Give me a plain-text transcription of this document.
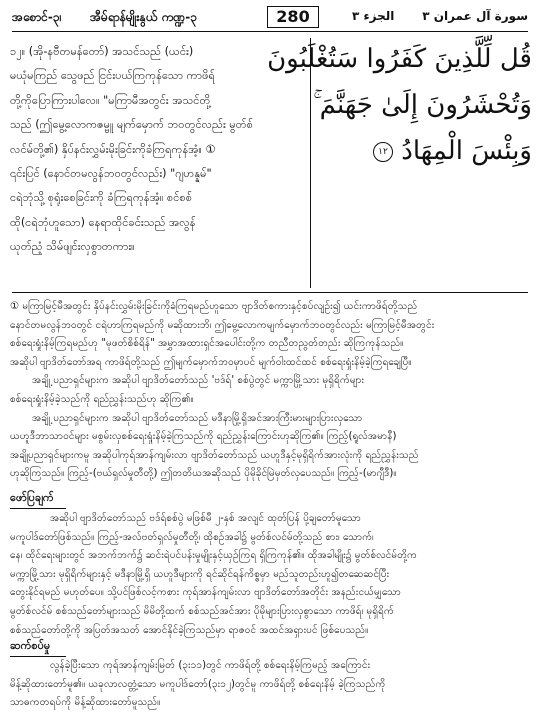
အစောင်-၃၊ အီမ်ရာန်မျိုးနွယ် ကဏ္ဍ-၃	280	الجزء ٣ سورة آل عمران ٣
၁၂။ (အို-နဗီတမန်တော်) အသင်သည် (ယင်း)
မယုံမကြည် သွေဖည် ငြင်းပယ်ကြကုန်သော ကာဖိရ်
တို့ကိုပြောကြားပါလေ။ "မကြာမီအတွင်း အသင်တို့
သည် (ဤမွေ့လောကဇမ္ဗူ မျက်မှောက် ဘဝတွင်လည်း မွတ်စ်
လင်မ်တို့၏) နှိပ်နင်းလွှမ်းမိုးခြင်းကိုခံကြရကုန်အံ့။ ①
၎င်းပြင် (နောင်တမလွန်ဘဝတွင်လည်း) "ဂျဟန္နမ်"
ငရဲဘုံသို့ စုရုံးစေခြင်းကို ခံကြရကုန်အံ့။ စင်စစ်
ထို(ငရဲဘုံဟူသော) နေရာထိုင်ခင်းသည် အလွန်
ယုတ်ညံ့ သိမ်ဖျင်းလှစွာတကား။
قُل لِّلَّذِينَ كَفَرُوا سَتُغْلَبُونَ
وَتُحْشَرُونَ إِلَىٰ جَهَنَّمَ ۚ
وَبِئْسَ الْمِهَادُ ١٢
① မကြာမြင့်မီအတွင်း နှိပ်နင်းလွှမ်းမိုးခြင်းကိုခံကြရမည်ဟူသော ဗျာဒိတ်စကားနှင့်စပ်လျဉ်း၍ ယင်းကာဖိရ်တို့သည်
နောင်တမလွန်ဘဝတွင် ငရဲဟာကြရမည်ကို မဆိုထားဘိ၊ ဤမွေ့လောကမျက်မှောက်ဘဝတွင်လည်း မကြာမြင့်မီအတွင်း
စစ်ရေးရှုံးနိမ့်ကြရမည်ဟု "မုဖတ်စိစ်ရိန်" အမွှာအထားရှင်အပေါင်းတို့က တညီတညွတ်တည်း ဆိုကြကုန်သည်။
အဆိုပါ ဗျာဒိတ်တော်အရ ကာဖိရ်တို့သည် ဤမျက်မှောက်ဘဝမှာပင် မျက်ဝါးထင်ထင် စစ်ရေးရှုံးနိမ့်ခဲ့ကြရချေပြီ။
အချို့ ပညာရှင်များက အဆိုပါ ဗျာဒိတ်တော်သည် 'ဗဒ်ရ်' စစ်ပွဲတွင် မက္ကာမြို့သား မုရှိရိက်များ
စစ်ရေးရှုံးနိမ့်ခဲ့သည်ကို ရည်ညွှန်းသည်ဟု ဆိုကြ၏။
အချို့ ပညာရှင်များက အဆိုပါ ဗျာဒိတ်တော်သည် မဒီနာမြို့ရှိအင်အားကြီးမားများပြားလှသော
ယဟူဒီဘာသာဝင်များ မစွမ်းလှစစ်ရေးရှုံးနိမ့်ခဲ့ကြသည်ကို ရည်ညွှန်းကြောင်းဟုဆိုကြ၏။ ကြည့်(ရူလ်အမာနီ)
အချို့ပညာရှင်များကမူ အဆိုပါကုရ်အာန်ကျမ်းလာ ဗျာဒိတ်တော်သည် ယဟူဒီနှင့်မုရှိရိက်အားလုံးကို ရည်ညွှန်းသည်
ဟုဆိုကြသည်။ ကြည့်-(ဗယ်ရှလ်မှုတီတို့) ဤတတိယအဆိုသည် ပိုမိုခိုင်မြဲမှတ်လှပေသည်။ ကြည့်-(မာဂျီဒီ)။
ဖော်ပြချက်
အဆိုပါ ဗျာဒိတ်တော်သည် ဗဒ်ရ်စစ်ပွဲ မဖြစ်မီ ၂-နှစ် အလျင် ထုတ်ပြန် ပို့ချတော်မူသော
မကူပါဒ်တော်ဖြစ်သည်။ ကြည့်-အလ်ဗတ်ရှလ်မှုတီတို့၊ ထိုစဉ်အခါ၌ မွတ်စ်လင်မ်တို့သည် စား၊ သောက်၊
နေ၊ ထိုင်ရေးများတွင် အဘက်ဘက်၌ ဆင်းရဲပင်ပန်းမှုမျိုးနှင့်ယှဉ်ကြရ ရှိကြကုန်၏။ ထိုအခါမျိုး၌ မွတ်စ်လင်မ်တို့က
မက္ကာမြို့သား မုရှိရိက်များနှင့် မဒီနာမြို့ရှိ ယဟူဒီများကို ရင်ဆိုင်ရန်ကိစ္စမှာ မည်သူတည်းဟူ၍တဆေဆင်ပြီး
တွေးနိုင်ရမည် မဟုတ်ပေ။ သို့ပင်ဖြစ်လင့်ကစား ကုရ်အာန်ကျမ်းလာ ဗျာဒိတ်တော်အတိုင်း အနည်းငယ်မျှသော
မွတ်စ်လင်မ် စစ်သည်တော်များသည် မိမိတို့ထက် စစ်သည်အင်အား ပိုမိုများပြားလှစွာသော ကာဖိရ်၊ မုရှိရိက်
စစ်သည်တော်တို့ကို အပြတ်အသတ် အောင်နိုင်ခဲ့ကြသည်မှာ ရာဇဝင် အထင်အရှားပင် ဖြစ်ပေသည်။
ဆက်စပ်မှု
လွန်ခဲ့ပြီးသော ကုရ်အာန်ကျမ်းမြတ် (၃း၁၁)တွင် ကာဖိရ်တို့ စစ်ရေးနိမ့်ကြမည့် အကြောင်း
မိန့်ဆိုထားတော်မူ၏။ ယခုလာလတ္တံ့သော မကူပါဒ်တော်(၃း၁၂)တွင်မူ ကာဖိရ်တို့ စစ်ရေးနိမ့် ခဲ့ကြသည်ကို
သာဓကတရပ်ကို မိန့်ဆိုထားတော်မူသည်။
